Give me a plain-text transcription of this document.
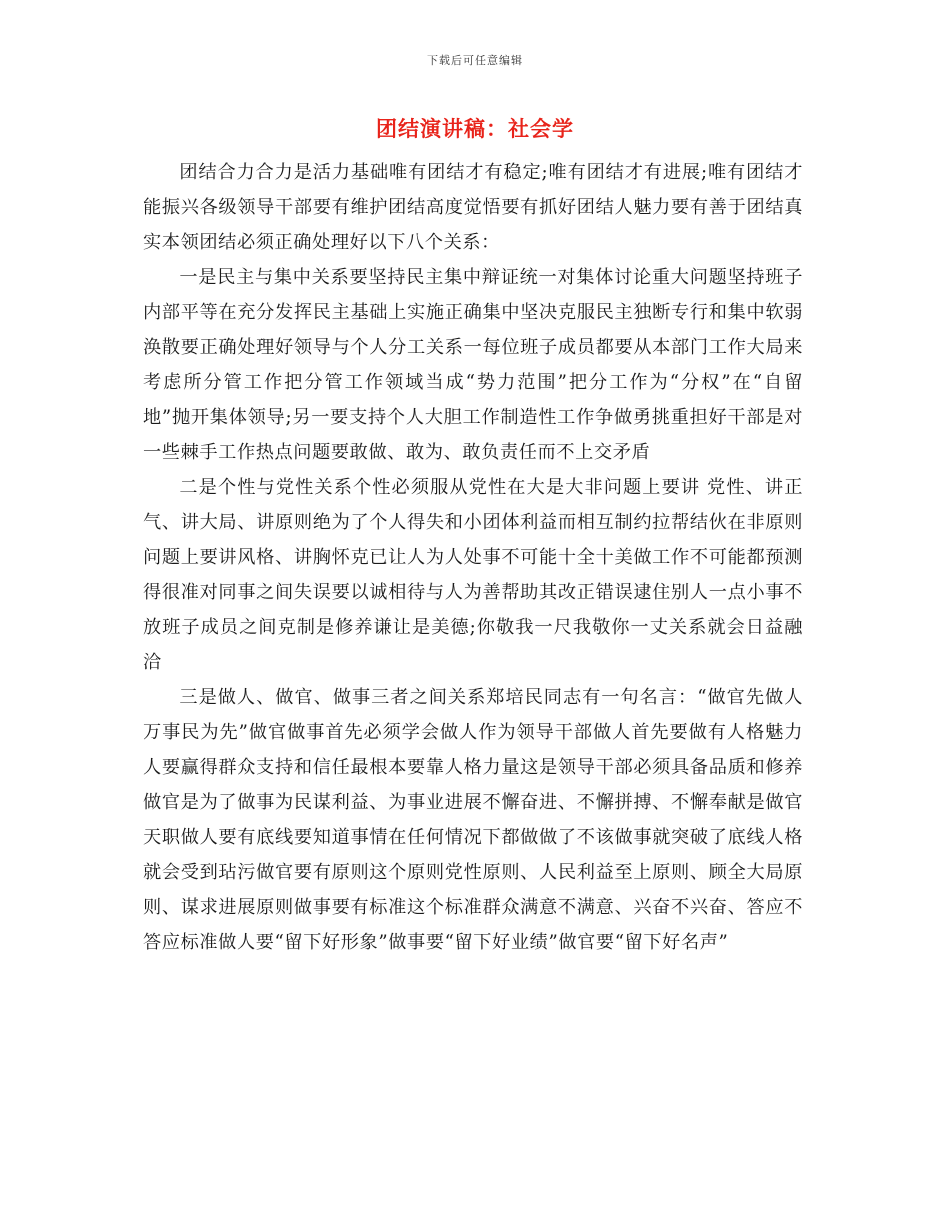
下载后可任意编辑
团结演讲稿：社会学

团结合力合力是活力基础唯有团结才有稳定;唯有团结才有进展;唯有团结才能振兴各级领导干部要有维护团结高度觉悟要有抓好团结人魅力要有善于团结真实本领团结必须正确处理好以下八个关系：

一是民主与集中关系要坚持民主集中辩证统一对集体讨论重大问题坚持班子内部平等在充分发挥民主基础上实施正确集中坚决克服民主独断专行和集中软弱涣散要正确处理好领导与个人分工关系一每位班子成员都要从本部门工作大局来考虑所分管工作把分管工作领域当成“势力范围”把分工作为“分权”在“自留地”抛开集体领导;另一要支持个人大胆工作制造性工作争做勇挑重担好干部是对一些棘手工作热点问题要敢做、敢为、敢负责任而不上交矛盾

二是个性与党性关系个性必须服从党性在大是大非问题上要讲 党性、讲正气、讲大局、讲原则绝为了个人得失和小团体利益而相互制约拉帮结伙在非原则问题上要讲风格、讲胸怀克已让人为人处事不可能十全十美做工作不可能都预测得很准对同事之间失误要以诚相待与人为善帮助其改正错误逮住别人一点小事不放班子成员之间克制是修养谦让是美德;你敬我一尺我敬你一丈关系就会日益融洽

三是做人、做官、做事三者之间关系郑培民同志有一句名言：“做官先做人万事民为先”做官做事首先必须学会做人作为领导干部做人首先要做有人格魅力人要赢得群众支持和信任最根本要靠人格力量这是领导干部必须具备品质和修养做官是为了做事为民谋利益、为事业进展不懈奋进、不懈拼搏、不懈奉献是做官天职做人要有底线要知道事情在任何情况下都做做了不该做事就突破了底线人格就会受到玷污做官要有原则这个原则党性原则、人民利益至上原则、顾全大局原则、谋求进展原则做事要有标准这个标准群众满意不满意、兴奋不兴奋、答应不答应标准做人要“留下好形象”做事要“留下好业绩”做官要“留下好名声”
